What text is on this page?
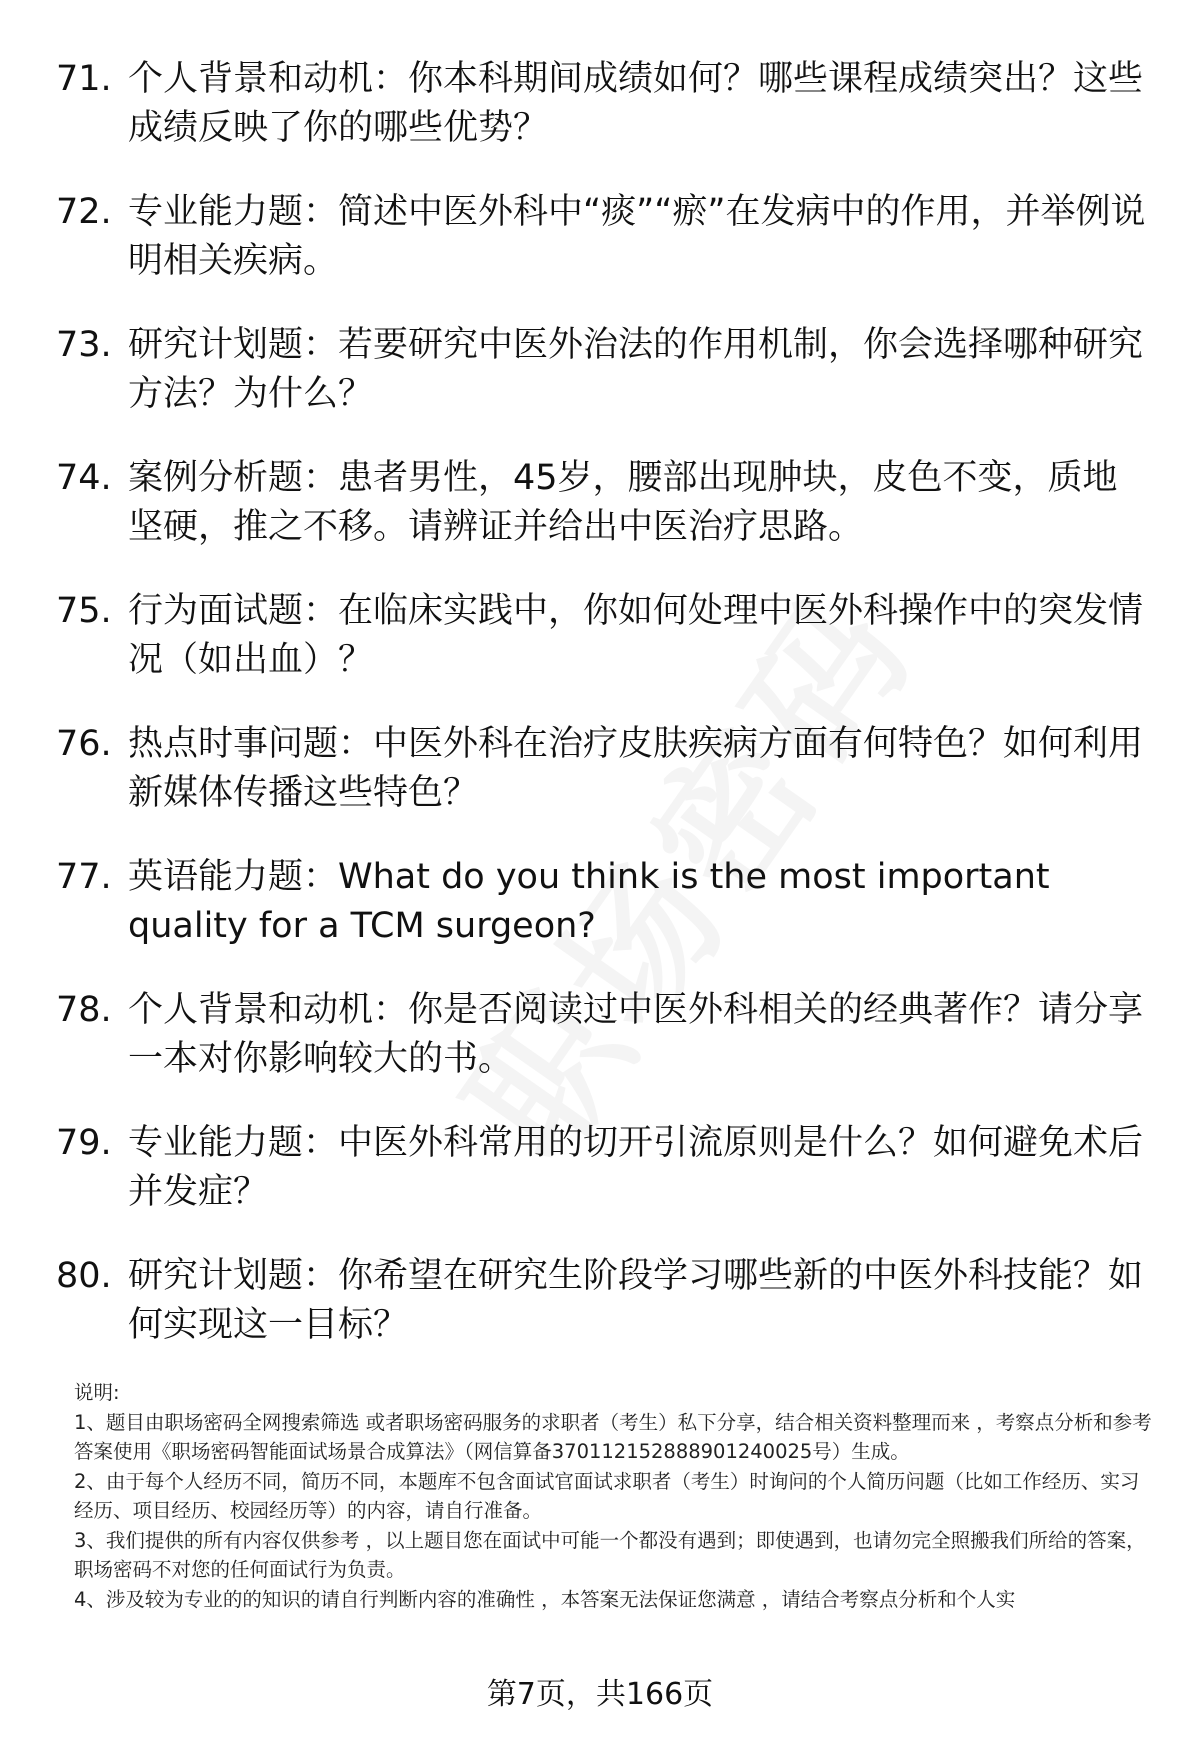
71. 个人背景和动机：你本科期间成绩如何？哪些课程成绩突出？这些成绩反映了你的哪些优势？
72. 专业能力题：简述中医外科中“痰”“瘀”在发病中的作用，并举例说明相关疾病。
73. 研究计划题：若要研究中医外治法的作用机制，你会选择哪种研究方法？为什么？
74. 案例分析题：患者男性，45岁，腰部出现肿块，皮色不变，质地坚硬，推之不移。请辨证并给出中医治疗思路。
75. 行为面试题：在临床实践中，你如何处理中医外科操作中的突发情况（如出血）？
76. 热点时事问题：中医外科在治疗皮肤疾病方面有何特色？如何利用新媒体传播这些特色？
77. 英语能力题：What do you think is the most important quality for a TCM surgeon?
78. 个人背景和动机：你是否阅读过中医外科相关的经典著作？请分享一本对你影响较大的书。
79. 专业能力题：中医外科常用的切开引流原则是什么？如何避免术后并发症？
80. 研究计划题：你希望在研究生阶段学习哪些新的中医外科技能？如何实现这一目标？

说明:

1、题目由职场密码全网搜索筛选 或者职场密码服务的求职者（考生）私下分享，结合相关资料整理而来 ，考察点分析和参考答案使用《职场密码智能面试场景合成算法》（网信算备370112152888901240025号）生成。

2、由于每个人经历不同，简历不同，本题库不包含面试官面试求职者（考生）时询问的个人简历问题（比如工作经历、实习经历、项目经历、校园经历等）的内容，请自行准备。

3、我们提供的所有内容仅供参考 ，以上题目您在面试中可能一个都没有遇到；即使遇到，也请勿完全照搬我们所给的答案，职场密码不对您的任何面试行为负责。

4、涉及较为专业的的知识的请自行判断内容的准确性 ，本答案无法保证您满意 ，请结合考察点分析和个人实

第7页，共166页
